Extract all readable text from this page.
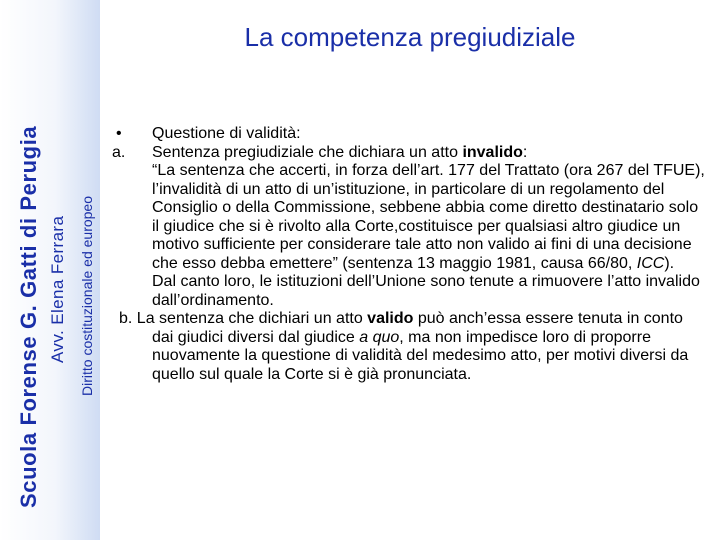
Scuola Forense G. Gatti di Perugia Avv. Elena Ferrara Diritto costituzionale ed europeo
La competenza pregiudiziale
• Questione di validità:
a. Sentenza pregiudiziale che dichiara un atto invalido:
“La sentenza che accerti, in forza dell’art. 177 del Trattato (ora 267 del TFUE), l’invalidità di un atto di un’istituzione, in particolare di un regolamento del Consiglio o della Commissione, sebbene abbia come diretto destinatario solo il giudice che si è rivolto alla Corte,costituisce per qualsiasi altro giudice un motivo sufficiente per considerare tale atto non valido ai fini di una decisione che esso debba emettere” (sentenza 13 maggio 1981, causa 66/80, ICC).
Dal canto loro, le istituzioni dell’Unione sono tenute a rimuovere l’atto invalido dall’ordinamento.
b. La sentenza che dichiari un atto valido può anch’essa essere tenuta in conto dai giudici diversi dal giudice a quo, ma non impedisce loro di proporre nuovamente la questione di validità del medesimo atto, per motivi diversi da quello sul quale la Corte si è già pronunciata.
